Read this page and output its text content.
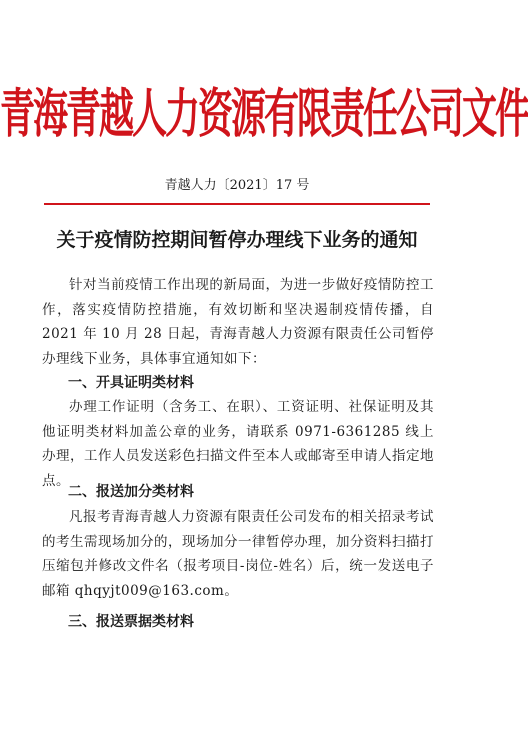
青海青越人力资源有限责任公司文件
青越人力〔2021〕17 号
关于疫情防控期间暂停办理线下业务的通知

针对当前疫情工作出现的新局面，为进一步做好疫情防控工作，落实疫情防控措施，有效切断和坚决遏制疫情传播，自 2021 年 10 月 28 日起，青海青越人力资源有限责任公司暂停办理线下业务，具体事宜通知如下：

一、开具证明类材料

办理工作证明（含务工、在职）、工资证明、社保证明及其他证明类材料加盖公章的业务，请联系 0971-6361285 线上办理，工作人员发送彩色扫描文件至本人或邮寄至申请人指定地点。

二、报送加分类材料

凡报考青海青越人力资源有限责任公司发布的相关招录考试的考生需现场加分的，现场加分一律暂停办理，加分资料扫描打压缩包并修改文件名（报考项目-岗位-姓名）后，统一发送电子邮箱 qhqyjt009@163.com。

三、报送票据类材料
